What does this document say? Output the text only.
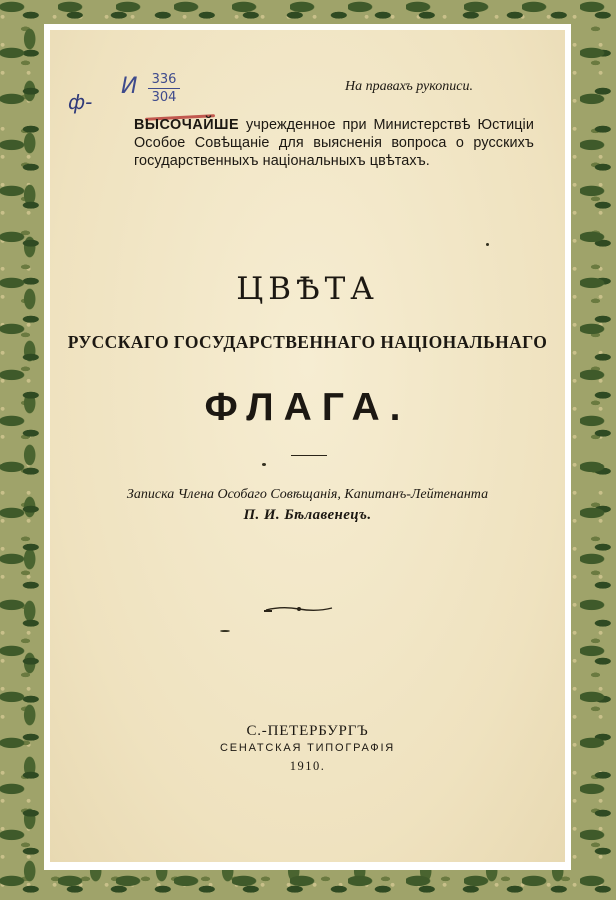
И 336
304
ф-
На правахъ рукописи.
ВЫСОЧАЙШЕ учрежденное при Министерствѣ Юстиціи Особое Совѣщаніе для выясненія вопроса о русскихъ государственныхъ національныхъ цвѣтахъ.
ЦВѢТА
РУССКАГО ГОСУДАРСТВЕННАГО НАЦІОНАЛЬНАГО
ФЛАГА.
Записка Члена Особаго Совѣщанія, Капитанъ-Лейтенанта
П. И. Бѣлавенецъ.
С.-ПЕТЕРБУРГЪ
СЕНАТСКАЯ ТИПОГРАФІЯ
1910.
